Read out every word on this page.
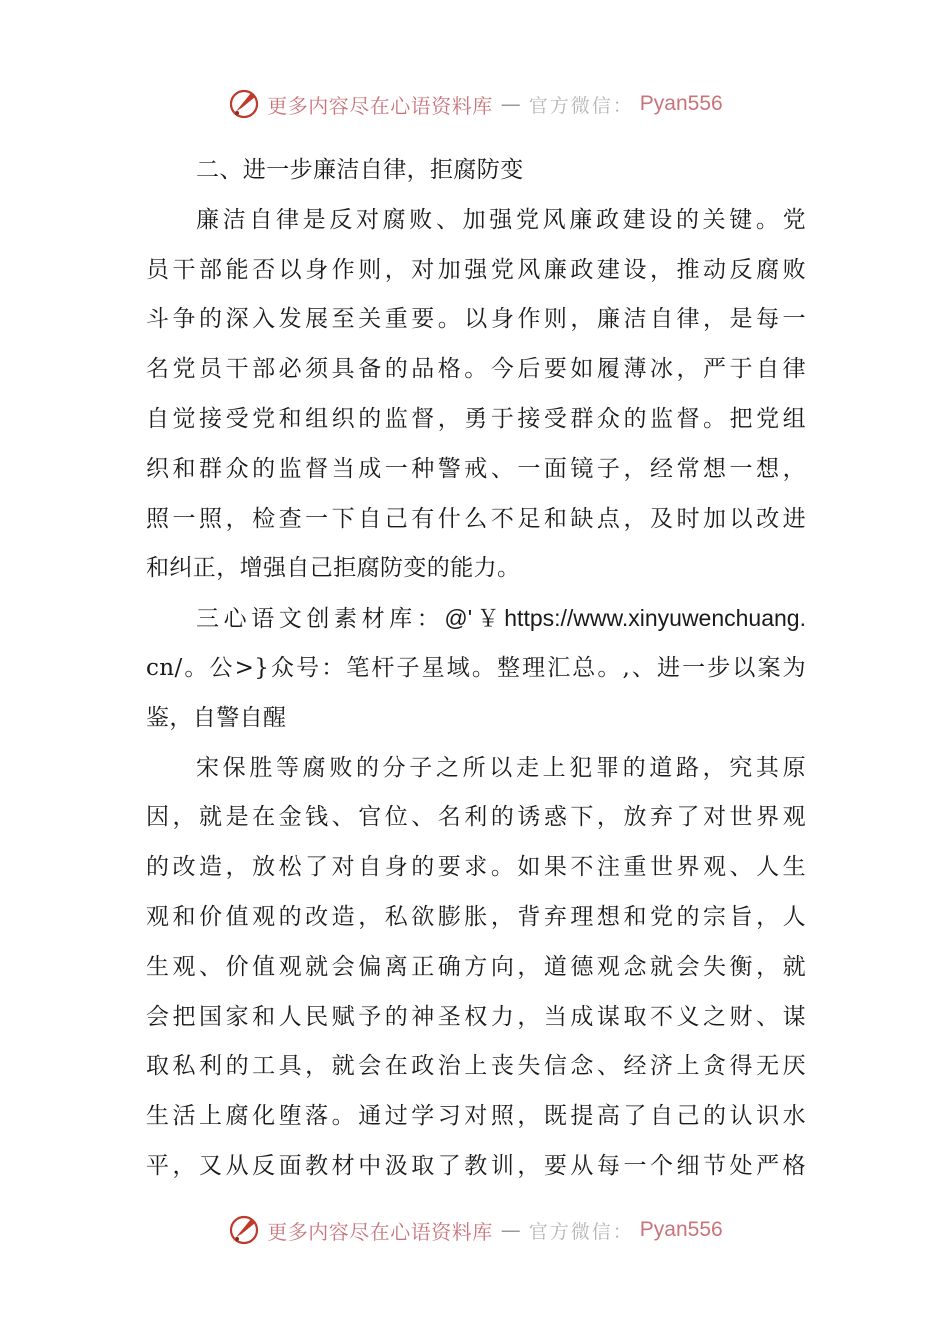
更多内容尽在心语资料库 — 官方微信： Pyan556
二、进一步廉洁自律，拒腐防变
廉洁自律是反对腐败、加强党风廉政建设的关键。党
员干部能否以身作则，对加强党风廉政建设，推动反腐败
斗争的深入发展至关重要。以身作则，廉洁自律，是每一
名党员干部必须具备的品格。今后要如履薄冰，严于自律
自觉接受党和组织的监督，勇于接受群众的监督。把党组
织和群众的监督当成一种警戒、一面镜子，经常想一想，
照一照，检查一下自己有什么不足和缺点，及时加以改进
和纠正，增强自己拒腐防变的能力。
三心语文创素材库：@'￥https://www.xinyuwenchuang.
cn/。公>}众号：笔杆子星域。整理汇总。,、进一步以案为
鉴，自警自醒
宋保胜等腐败的分子之所以走上犯罪的道路，究其原
因，就是在金钱、官位、名利的诱惑下，放弃了对世界观
的改造，放松了对自身的要求。如果不注重世界观、人生
观和价值观的改造，私欲膨胀，背弃理想和党的宗旨，人
生观、价值观就会偏离正确方向，道德观念就会失衡，就
会把国家和人民赋予的神圣权力，当成谋取不义之财、谋
取私利的工具，就会在政治上丧失信念、经济上贪得无厌
生活上腐化堕落。通过学习对照，既提高了自己的认识水
平，又从反面教材中汲取了教训，要从每一个细节处严格
更多内容尽在心语资料库 — 官方微信： Pyan556
